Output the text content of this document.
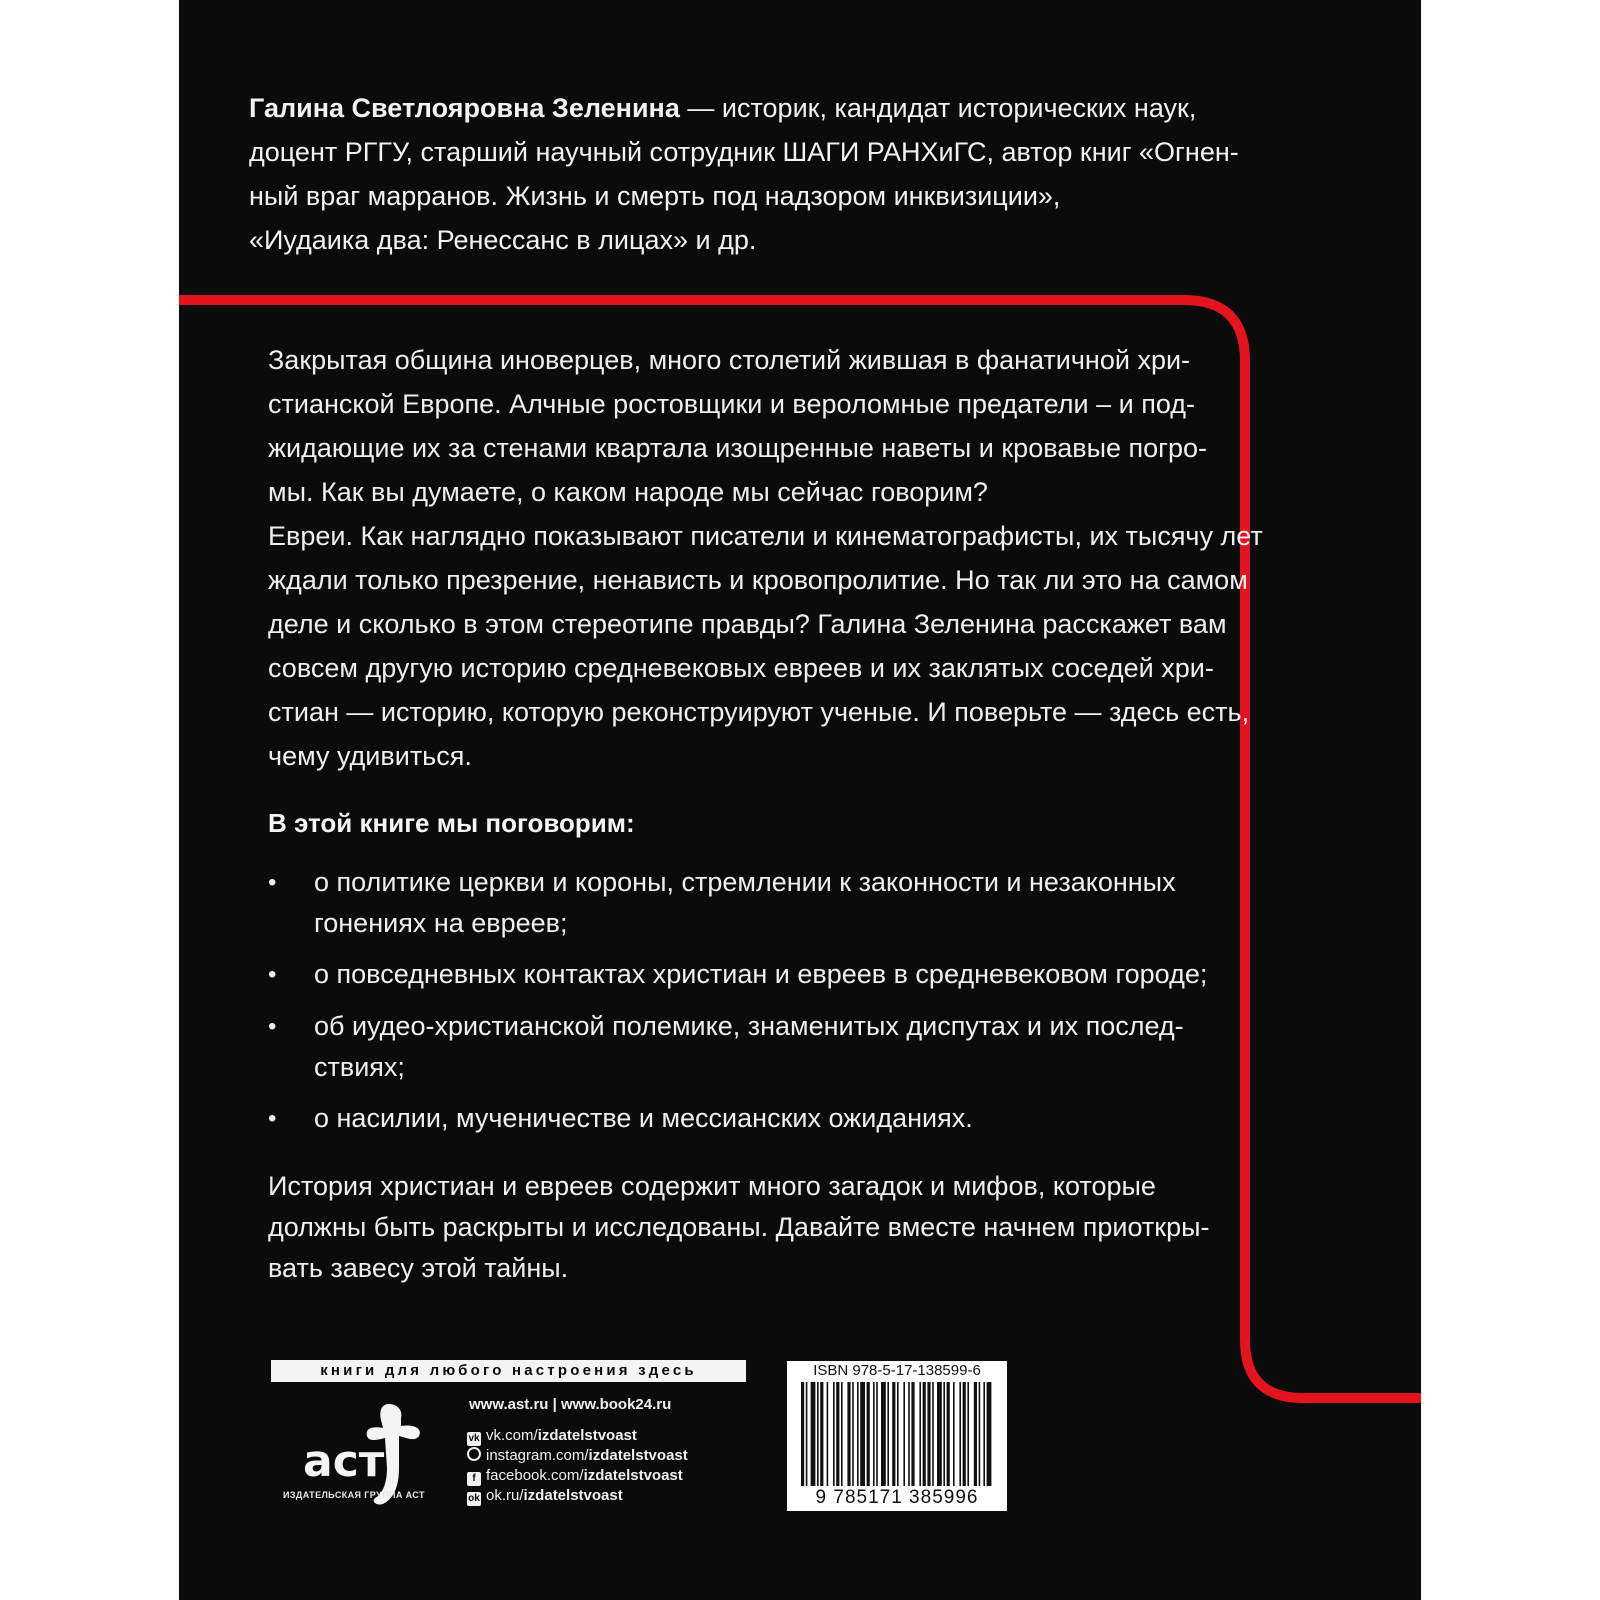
Галина Светлояровна Зеленина — историк, кандидат исторических наук,
доцент РГГУ, старший научный сотрудник ШАГИ РАНХиГС, автор книг «Огнен-
ный враг марранов. Жизнь и смерть под надзором инквизиции»,
«Иудаика два: Ренессанс в лицах» и др.
Закрытая община иноверцев, много столетий жившая в фанатичной хри-
стианской Европе. Алчные ростовщики и вероломные предатели – и под-
жидающие их за стенами квартала изощренные наветы и кровавые погро-
мы. Как вы думаете, о каком народе мы сейчас говорим?
Евреи. Как наглядно показывают писатели и кинематографисты, их тысячу лет
ждали только презрение, ненависть и кровопролитие. Но так ли это на самом
деле и сколько в этом стереотипе правды? Галина Зеленина расскажет вам
совсем другую историю средневековых евреев и их заклятых соседей хри-
стиан — историю, которую реконструируют ученые. И поверьте — здесь есть,
чему удивиться.
В этой книге мы поговорим:
• о политике церкви и короны, стремлении к законности и незаконных
гонениях на евреев;
• о повседневных контактах христиан и евреев в средневековом городе;
• об иудео-христианской полемике, знаменитых диспутах и их послед-
ствиях;
• о насилии, мученичестве и мессианских ожиданиях.
История христиан и евреев содержит много загадок и мифов, которые
должны быть раскрыты и исследованы. Давайте вместе начнем приоткры-
вать завесу этой тайны.
книги для любого настроения здесь
аст
ИЗДАТЕЛЬСКАЯ ГРУППА АСТ
www.ast.ru | www.book24.ru
vk vk.com/izdatelstvoast
instagram.com/izdatelstvoast
f facebook.com/izdatelstvoast
ok ok.ru/izdatelstvoast
ISBN 978-5-17-138599-6
9 785171 385996
